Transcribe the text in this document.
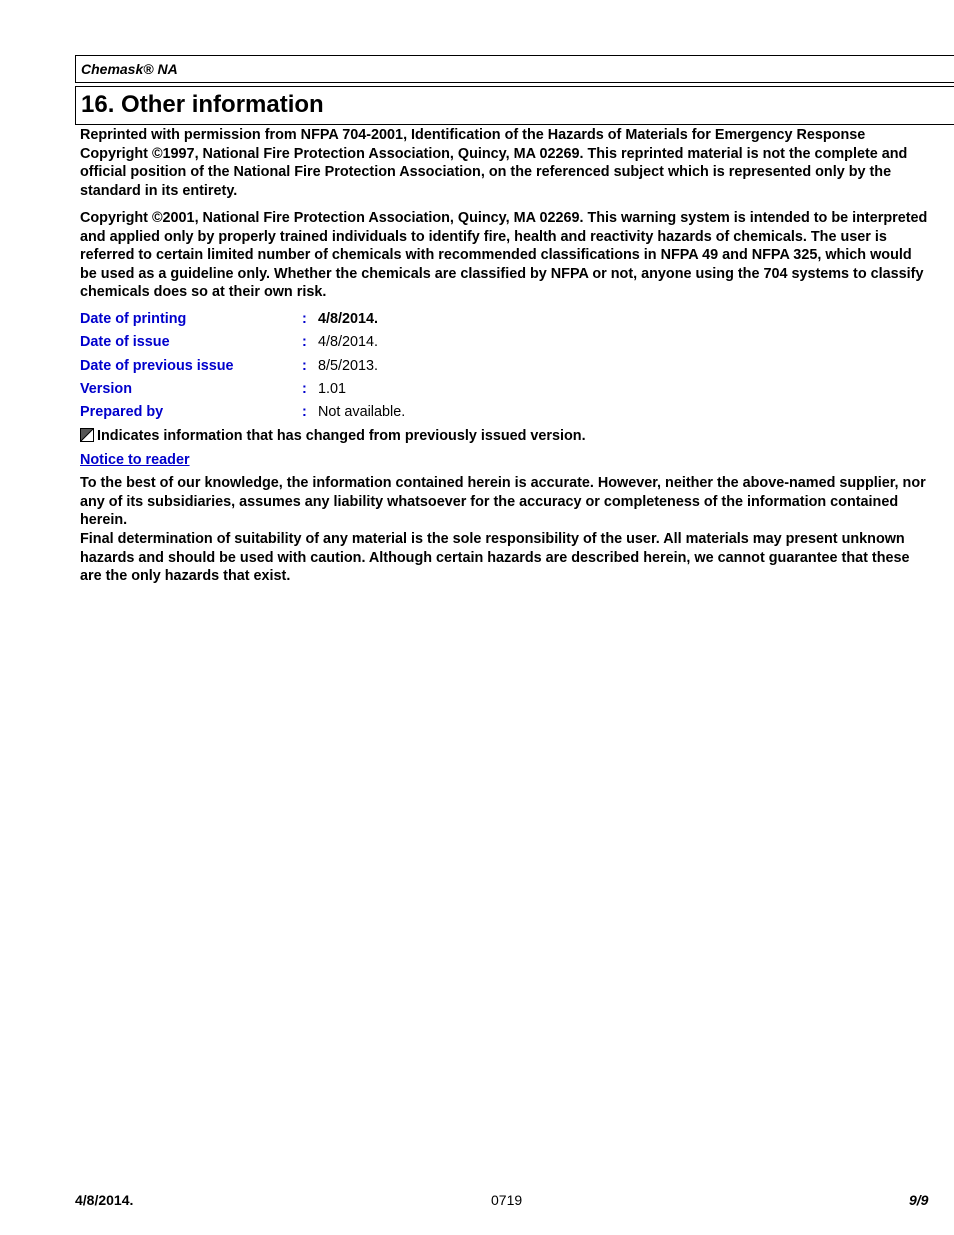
Chemask® NA
16. Other information

Reprinted with permission from NFPA 704-2001, Identification of the Hazards of Materials for Emergency Response Copyright ©1997, National Fire Protection Association, Quincy, MA 02269. This reprinted material is not the complete and official position of the National Fire Protection Association, on the referenced subject which is represented only by the standard in its entirety.

Copyright ©2001, National Fire Protection Association, Quincy, MA 02269. This warning system is intended to be interpreted and applied only by properly trained individuals to identify fire, health and reactivity hazards of chemicals. The user is referred to certain limited number of chemicals with recommended classifications in NFPA 49 and NFPA 325, which would be used as a guideline only. Whether the chemicals are classified by NFPA or not, anyone using the 704 systems to classify chemicals does so at their own risk.

Date of printing	: 4/8/2014.
Date of issue	: 4/8/2014.
Date of previous issue	: 8/5/2013.
Version	: 1.01
Prepared by	: Not available.
Indicates information that has changed from previously issued version.
Notice to reader

To the best of our knowledge, the information contained herein is accurate. However, neither the above-named supplier, nor any of its subsidiaries, assumes any liability whatsoever for the accuracy or completeness of the information contained herein.

Final determination of suitability of any material is the sole responsibility of the user. All materials may present unknown hazards and should be used with caution. Although certain hazards are described herein, we cannot guarantee that these are the only hazards that exist.

4/8/2014.	0719	9/9
